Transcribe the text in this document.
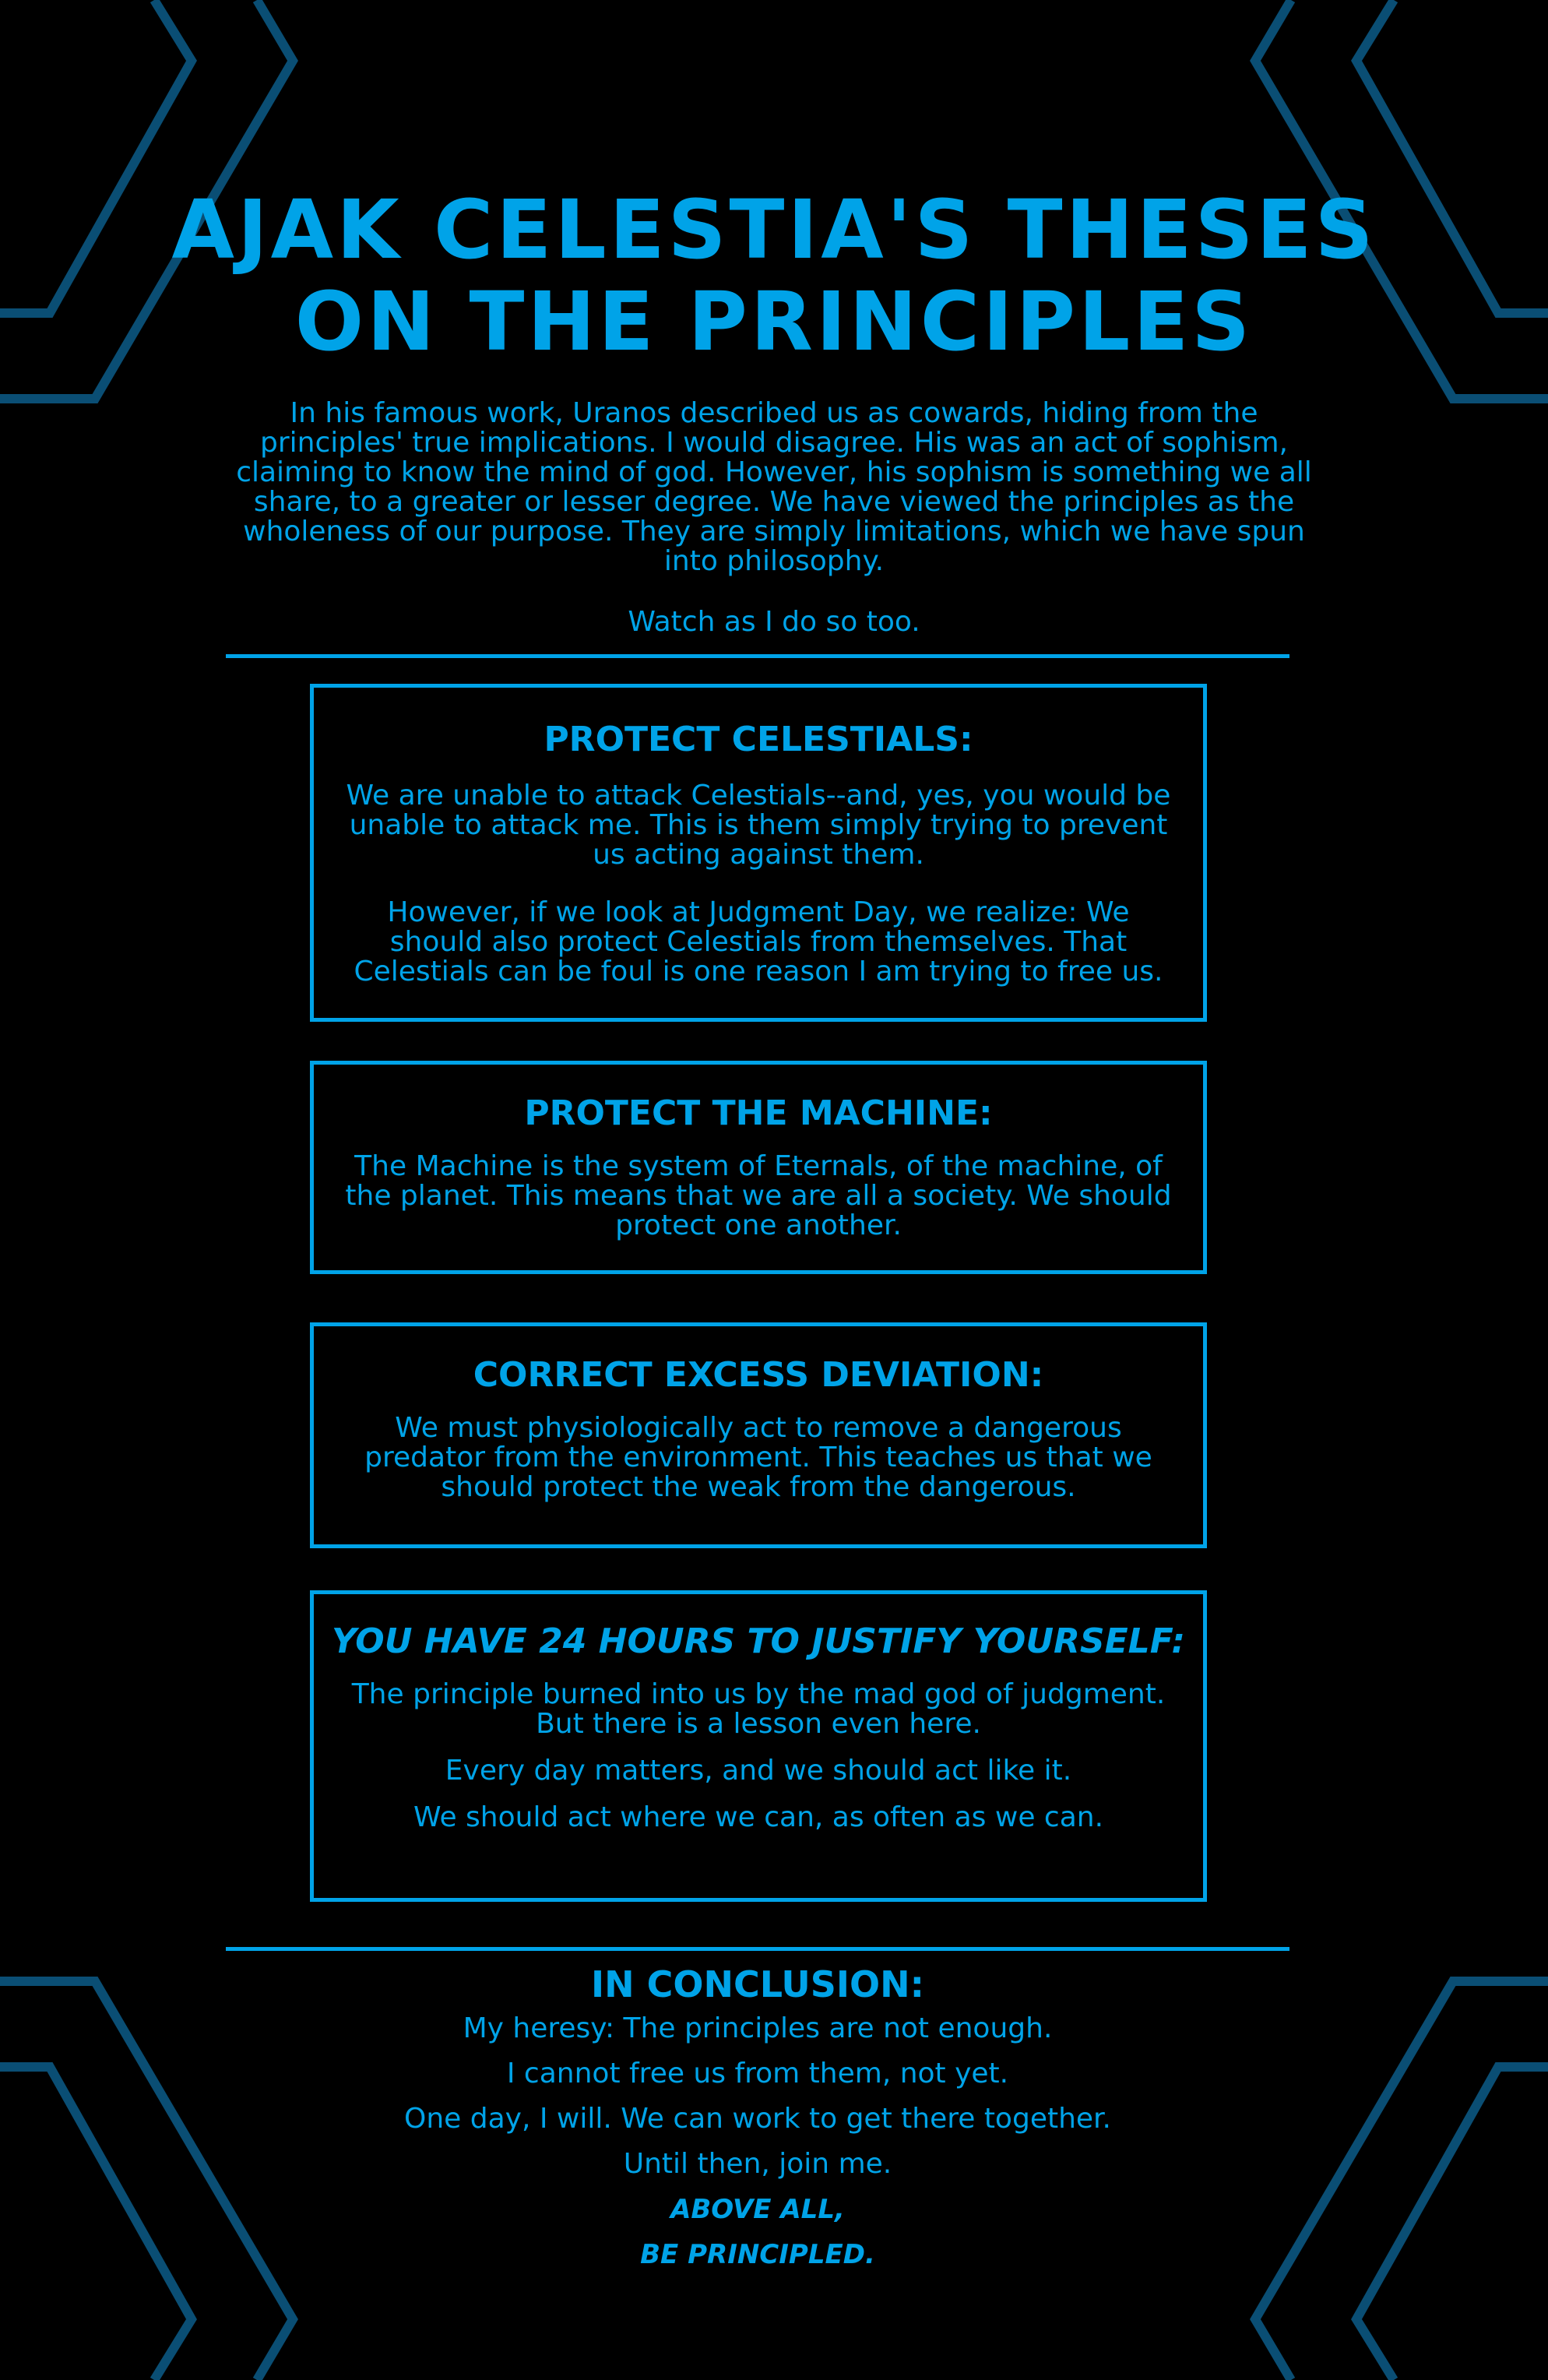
AJAK CELESTIA'S THESES
ON THE PRINCIPLES

In his famous work, Uranos described us as cowards, hiding from the principles' true implications. I would disagree. His was an act of sophism, claiming to know the mind of god. However, his sophism is something we all share, to a greater or lesser degree. We have viewed the principles as the wholeness of our purpose. They are simply limitations, which we have spun into philosophy.

Watch as I do so too.

PROTECT CELESTIALS:

We are unable to attack Celestials--and, yes, you would be unable to attack me. This is them simply trying to prevent us acting against them.

However, if we look at Judgment Day, we realize: We should also protect Celestials from themselves. That Celestials can be foul is one reason I am trying to free us.

PROTECT THE MACHINE:

The Machine is the system of Eternals, of the machine, of the planet. This means that we are all a society. We should protect one another.

CORRECT EXCESS DEVIATION:

We must physiologically act to remove a dangerous predator from the environment. This teaches us that we should protect the weak from the dangerous.

YOU HAVE 24 HOURS TO JUSTIFY YOURSELF:

The principle burned into us by the mad god of judgment. But there is a lesson even here.

Every day matters, and we should act like it.

We should act where we can, as often as we can.

IN CONCLUSION:
My heresy: The principles are not enough.
I cannot free us from them, not yet.
One day, I will. We can work to get there together.
Until then, join me.
ABOVE ALL,
BE PRINCIPLED.
